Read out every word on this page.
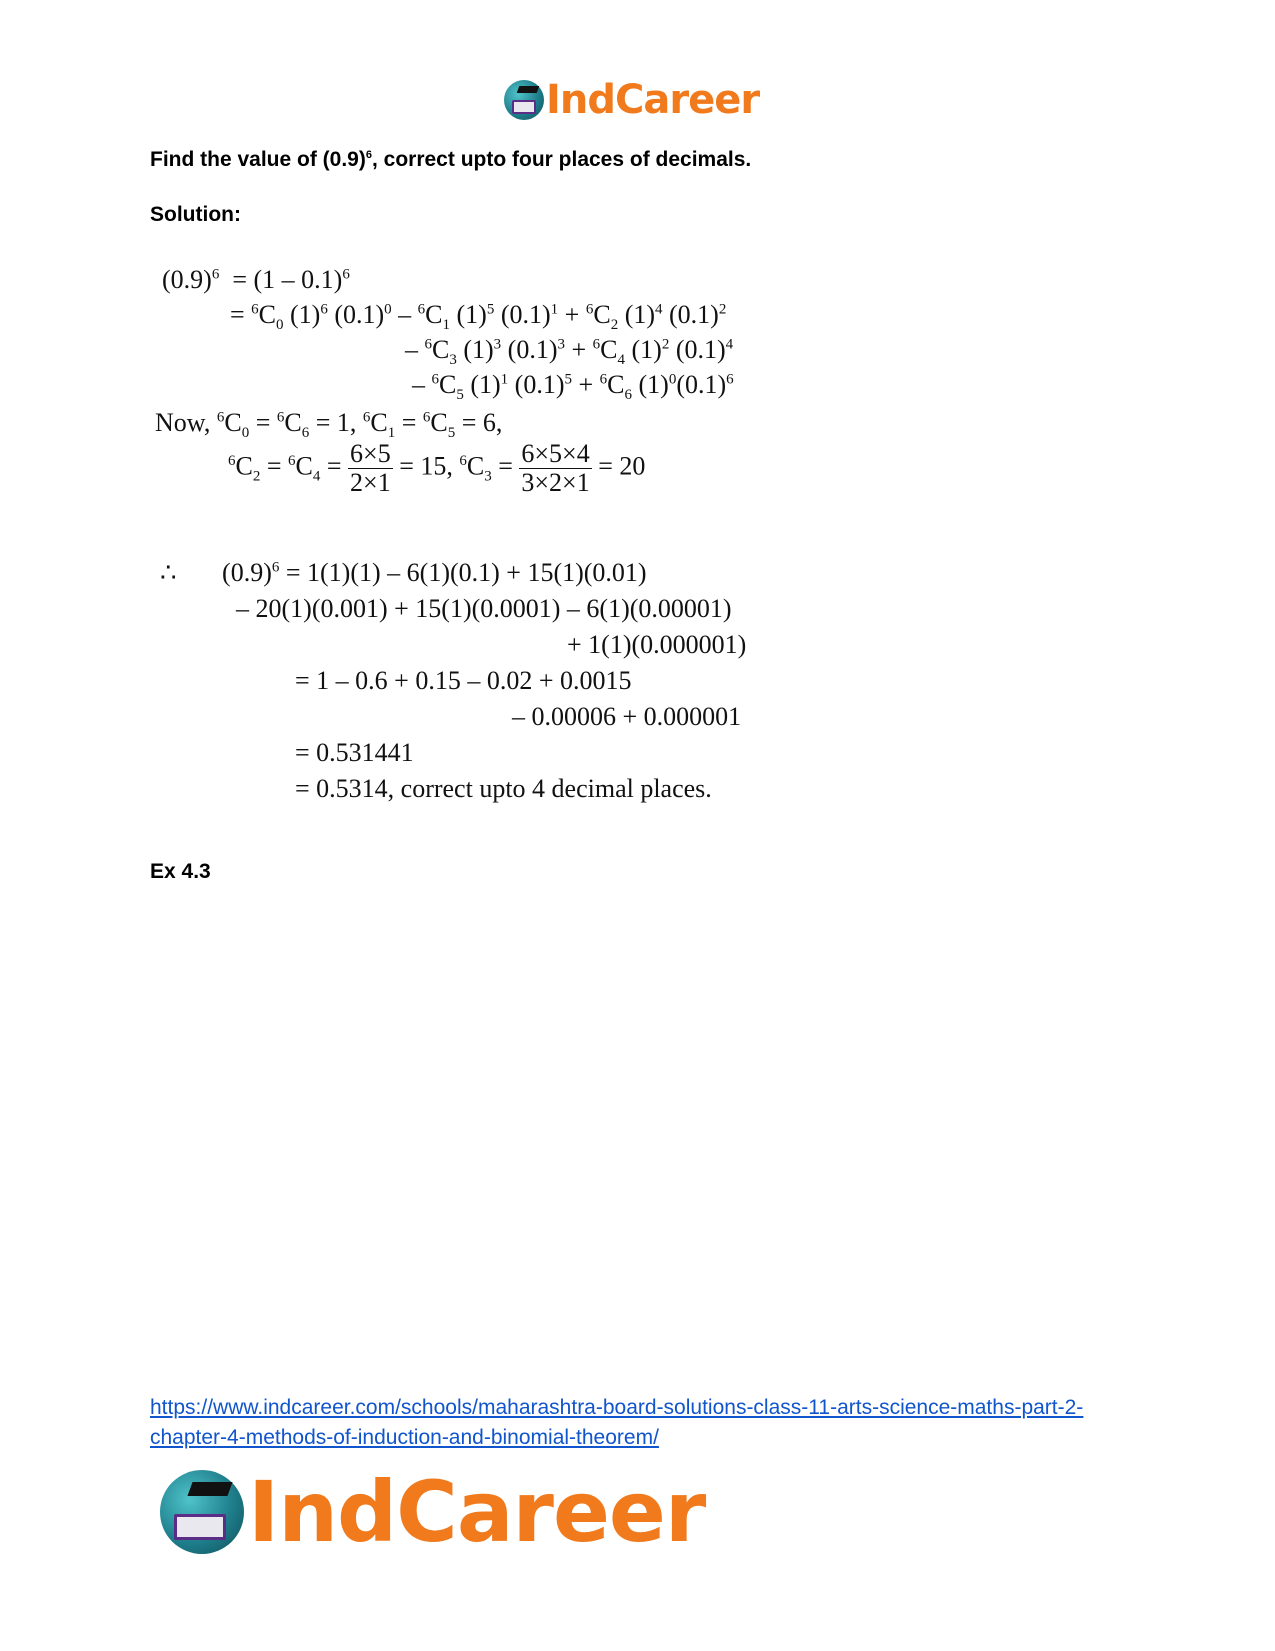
IndCareer
Find the value of $(0.9)^6$, correct upto four places of decimals.
Solution:
$(0.9)^6 = (1 - 0.1)^6$
= $^6C_0$ $(1)^6$ $(0.1)^0 - ^6C_1$ $(1)^5$ $(0.1)^1 + ^6C_2$ $(1)^4$ $(0.1)^2$
– $^6C_3$ $(1)^3$ $(0.1)^3 + ^6C_4$ $(1)^2$ $(0.1)^4$
– $^6C_5$ $(1)^1$ $(0.1)^5 + ^6C_6$ $(1)^0(0.1)^6$
Now, $^6C_0 = ^6C_6 = 1$, $^6C_1 = ^6C_5 = 6$,
$^6C_2 = ^6C_4 = \frac{6\times 5}{2\times 1} = 15$, $^6C_3 = \frac{6\times 5\times 4}{3\times 2\times 1} = 20$
∴       $(0.9)^6 = 1(1)(1) - 6(1)(0.1) + 15(1)(0.01)$
– 20(1)(0.001) + 15(1)(0.0001) – 6(1)(0.00001)
+ 1(1)(0.000001)
= 1 – 0.6 + 0.15 – 0.02 + 0.0015
– 0.00006 + 0.000001
= 0.531441
= 0.5314, correct upto 4 decimal places.
Ex 4.3
https://www.indcareer.com/schools/maharashtra-board-solutions-class-11-arts-science-maths-part-2-chapter-4-methods-of-induction-and-binomial-theorem/
IndCareer
